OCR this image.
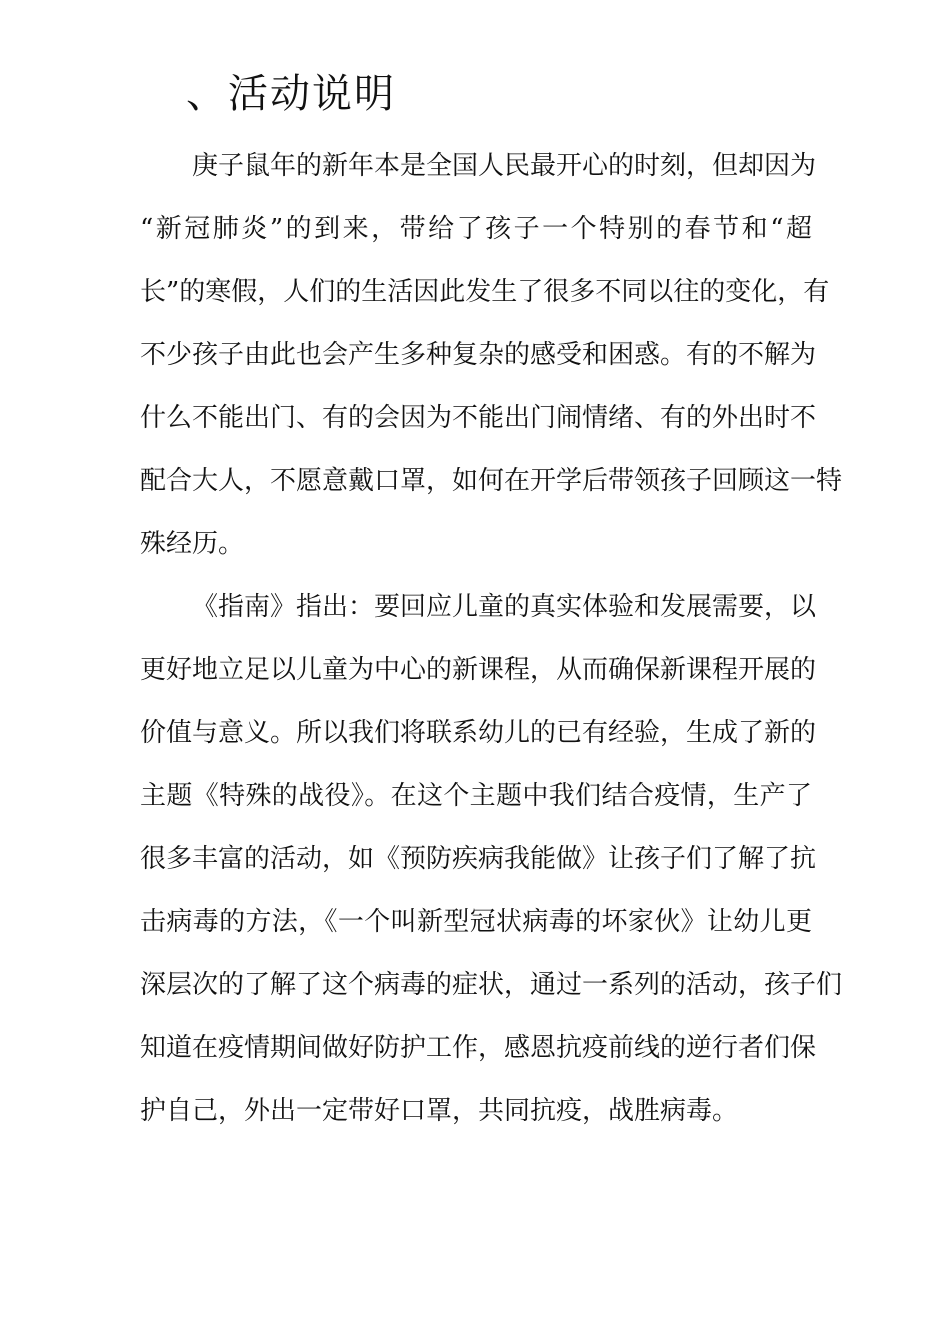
、活动说明

庚子鼠年的新年本是全国人民最开心的时刻，但却因为

“新冠肺炎”的到来，带给了孩子一个特别的春节和“超

长”的寒假，人们的生活因此发生了很多不同以往的变化，有

不少孩子由此也会产生多种复杂的感受和困惑。有的不解为

什么不能出门、有的会因为不能出门闹情绪、有的外出时不

配合大人，不愿意戴口罩，如何在开学后带领孩子回顾这一特

殊经历。

《指南》指出：要回应儿童的真实体验和发展需要，以

更好地立足以儿童为中心的新课程，从而确保新课程开展的

价值与意义。所以我们将联系幼儿的已有经验，生成了新的

主题《特殊的战役》。在这个主题中我们结合疫情，生产了

很多丰富的活动，如《预防疾病我能做》让孩子们了解了抗

击病毒的方法，《一个叫新型冠状病毒的坏家伙》让幼儿更

深层次的了解了这个病毒的症状，通过一系列的活动，孩子们

知道在疫情期间做好防护工作，感恩抗疫前线的逆行者们保

护自己，外出一定带好口罩，共同抗疫，战胜病毒。
